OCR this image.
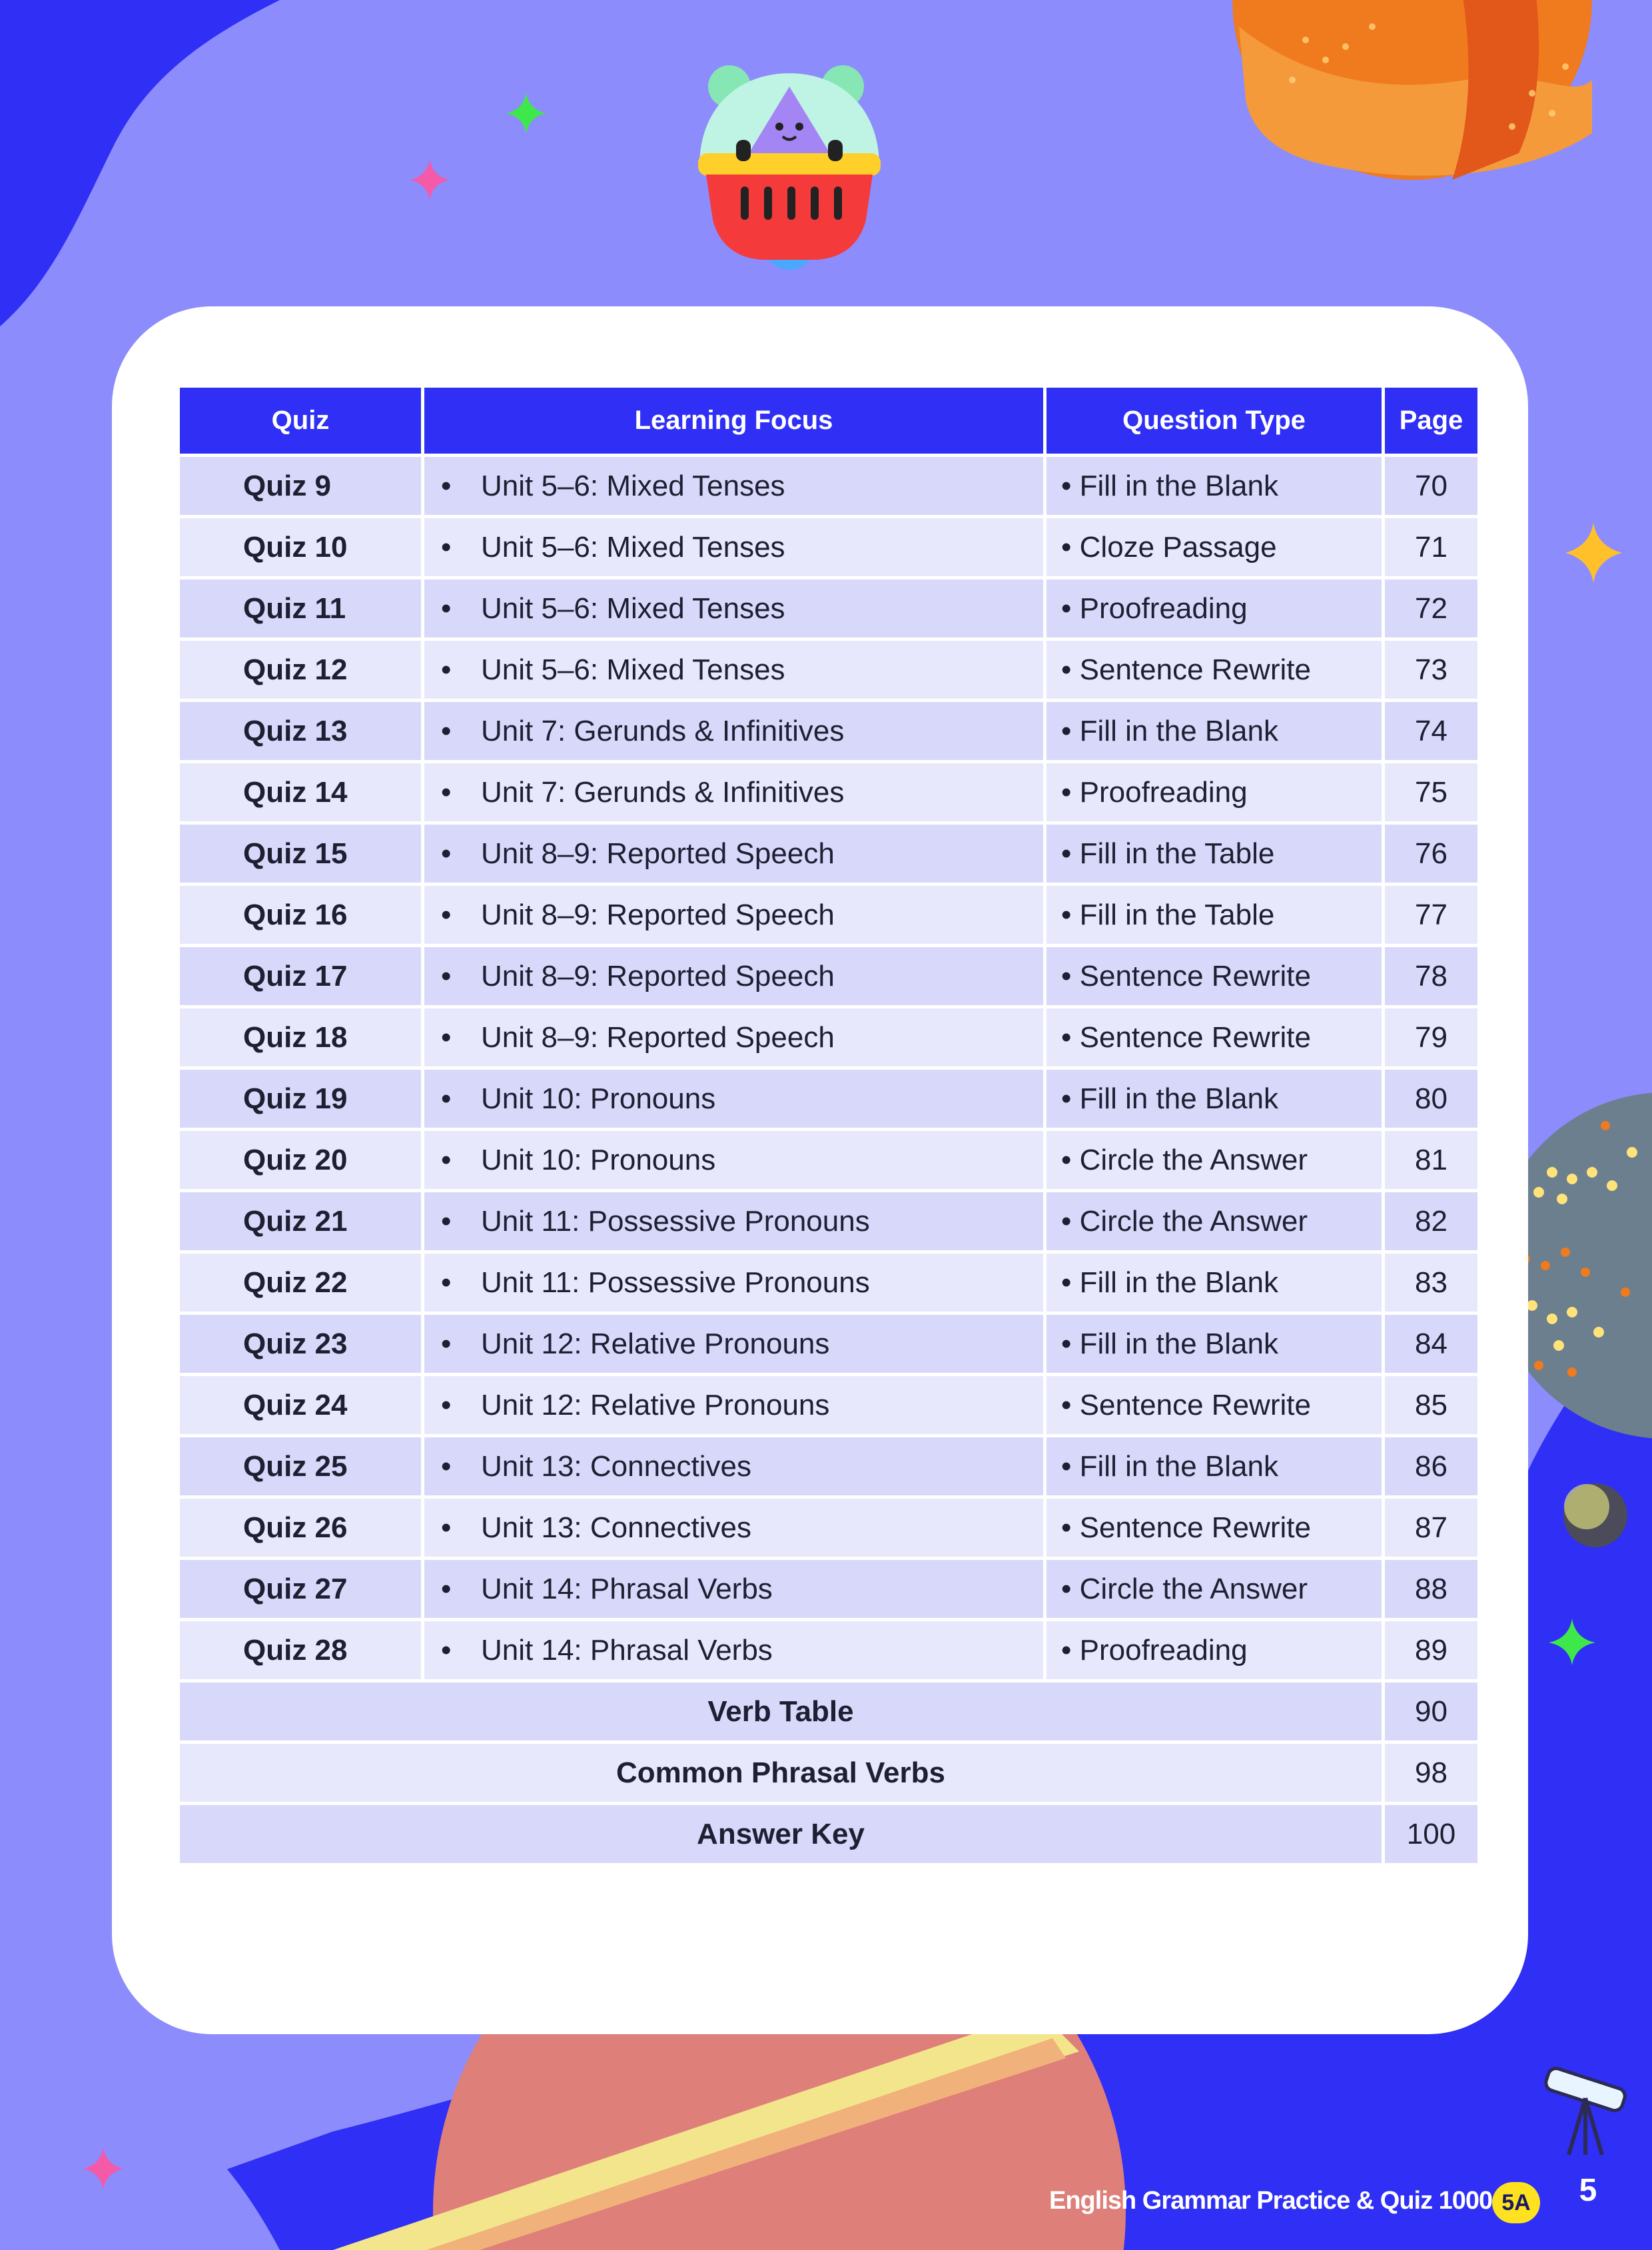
Quiz	Learning Focus	Question Type	Page
Quiz 9	• Unit 5–6: Mixed Tenses	• Fill in the Blank	70
Quiz 10	• Unit 5–6: Mixed Tenses	• Cloze Passage	71
Quiz 11	• Unit 5–6: Mixed Tenses	• Proofreading	72
Quiz 12	• Unit 5–6: Mixed Tenses	• Sentence Rewrite	73
Quiz 13	• Unit 7: Gerunds & Infinitives	• Fill in the Blank	74
Quiz 14	• Unit 7: Gerunds & Infinitives	• Proofreading	75
Quiz 15	• Unit 8–9: Reported Speech	• Fill in the Table	76
Quiz 16	• Unit 8–9: Reported Speech	• Fill in the Table	77
Quiz 17	• Unit 8–9: Reported Speech	• Sentence Rewrite	78
Quiz 18	• Unit 8–9: Reported Speech	• Sentence Rewrite	79
Quiz 19	• Unit 10: Pronouns	• Fill in the Blank	80
Quiz 20	• Unit 10: Pronouns	• Circle the Answer	81
Quiz 21	• Unit 11: Possessive Pronouns	• Circle the Answer	82
Quiz 22	• Unit 11: Possessive Pronouns	• Fill in the Blank	83
Quiz 23	• Unit 12: Relative Pronouns	• Fill in the Blank	84
Quiz 24	• Unit 12: Relative Pronouns	• Sentence Rewrite	85
Quiz 25	• Unit 13: Connectives	• Fill in the Blank	86
Quiz 26	• Unit 13: Connectives	• Sentence Rewrite	87
Quiz 27	• Unit 14: Phrasal Verbs	• Circle the Answer	88
Quiz 28	• Unit 14: Phrasal Verbs	• Proofreading	89
Verb Table			90
Common Phrasal Verbs			98
Answer Key			100
English Grammar Practice & Quiz 1000 5A	5
